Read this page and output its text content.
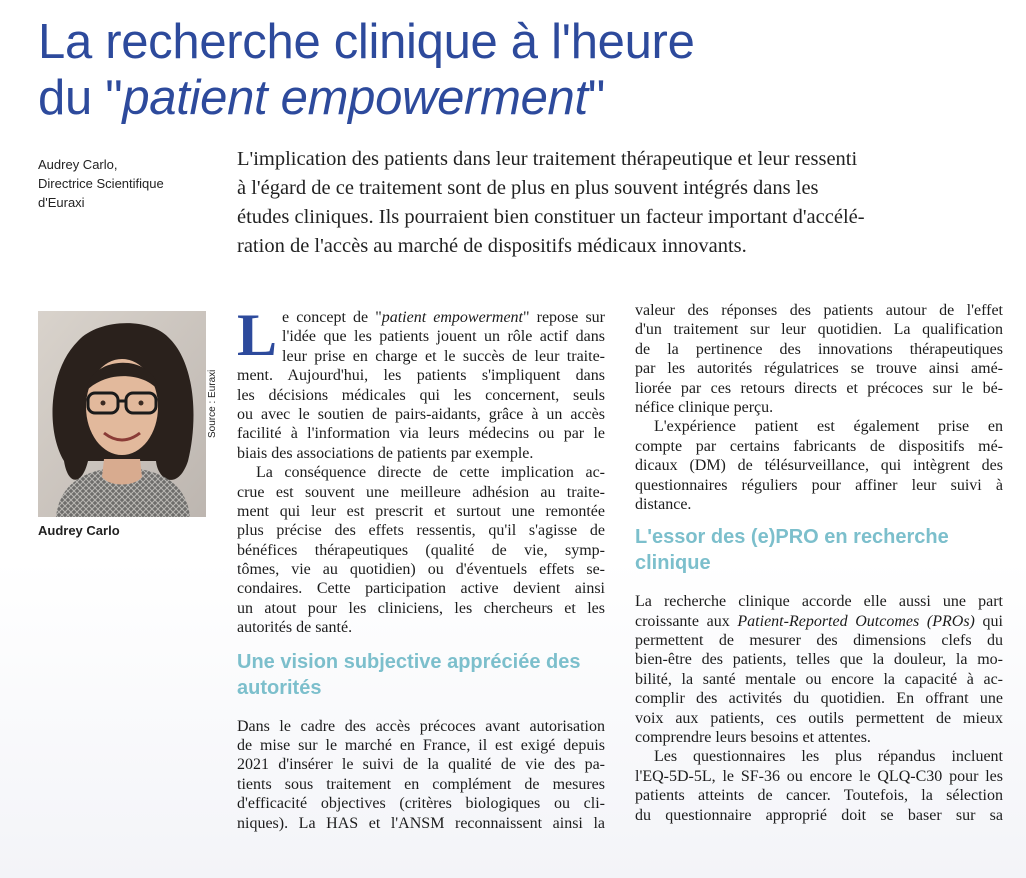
La recherche clinique à l'heure
du "patient empowerment"
Audrey Carlo,
Directrice Scientifique
d'Euraxi
L'implication des patients dans leur traitement thérapeutique et leur ressenti
à l'égard de ce traitement sont de plus en plus souvent intégrés dans les
études cliniques. Ils pourraient bien constituer un facteur important d'accélé-
ration de l'accès au marché de dispositifs médicaux innovants.
Source : Euraxi
Audrey Carlo
L e concept de "patient empowerment" repose sur
l'idée que les patients jouent un rôle actif dans
leur prise en charge et le succès de leur traite-
ment. Aujourd'hui, les patients s'impliquent dans
les décisions médicales qui les concernent, seuls
ou avec le soutien de pairs-aidants, grâce à un accès
facilité à l'information via leurs médecins ou par le
biais des associations de patients par exemple.
La conséquence directe de cette implication ac-
crue est souvent une meilleure adhésion au traite-
ment qui leur est prescrit et surtout une remontée
plus précise des effets ressentis, qu'il s'agisse de
bénéfices thérapeutiques (qualité de vie, symp-
tômes, vie au quotidien) ou d'éventuels effets se-
condaires. Cette participation active devient ainsi
un atout pour les cliniciens, les chercheurs et les
autorités de santé.
Une vision subjective appréciée des
autorités
Dans le cadre des accès précoces avant autorisation
de mise sur le marché en France, il est exigé depuis
2021 d'insérer le suivi de la qualité de vie des pa-
tients sous traitement en complément de mesures
d'efficacité objectives (critères biologiques ou cli-
niques). La HAS et l'ANSM reconnaissent ainsi la
valeur des réponses des patients autour de l'effet
d'un traitement sur leur quotidien. La qualification
de la pertinence des innovations thérapeutiques
par les autorités régulatrices se trouve ainsi amé-
liorée par ces retours directs et précoces sur le bé-
néfice clinique perçu.
L'expérience patient est également prise en
compte par certains fabricants de dispositifs mé-
dicaux (DM) de télésurveillance, qui intègrent des
questionnaires réguliers pour affiner leur suivi à
distance.
L'essor des (e)PRO en recherche
clinique
La recherche clinique accorde elle aussi une part
croissante aux Patient-Reported Outcomes (PROs) qui
permettent de mesurer des dimensions clefs du
bien-être des patients, telles que la douleur, la mo-
bilité, la santé mentale ou encore la capacité à ac-
complir des activités du quotidien. En offrant une
voix aux patients, ces outils permettent de mieux
comprendre leurs besoins et attentes.
Les questionnaires les plus répandus incluent
l'EQ-5D-5L, le SF-36 ou encore le QLQ-C30 pour les
patients atteints de cancer. Toutefois, la sélection
du questionnaire approprié doit se baser sur sa
